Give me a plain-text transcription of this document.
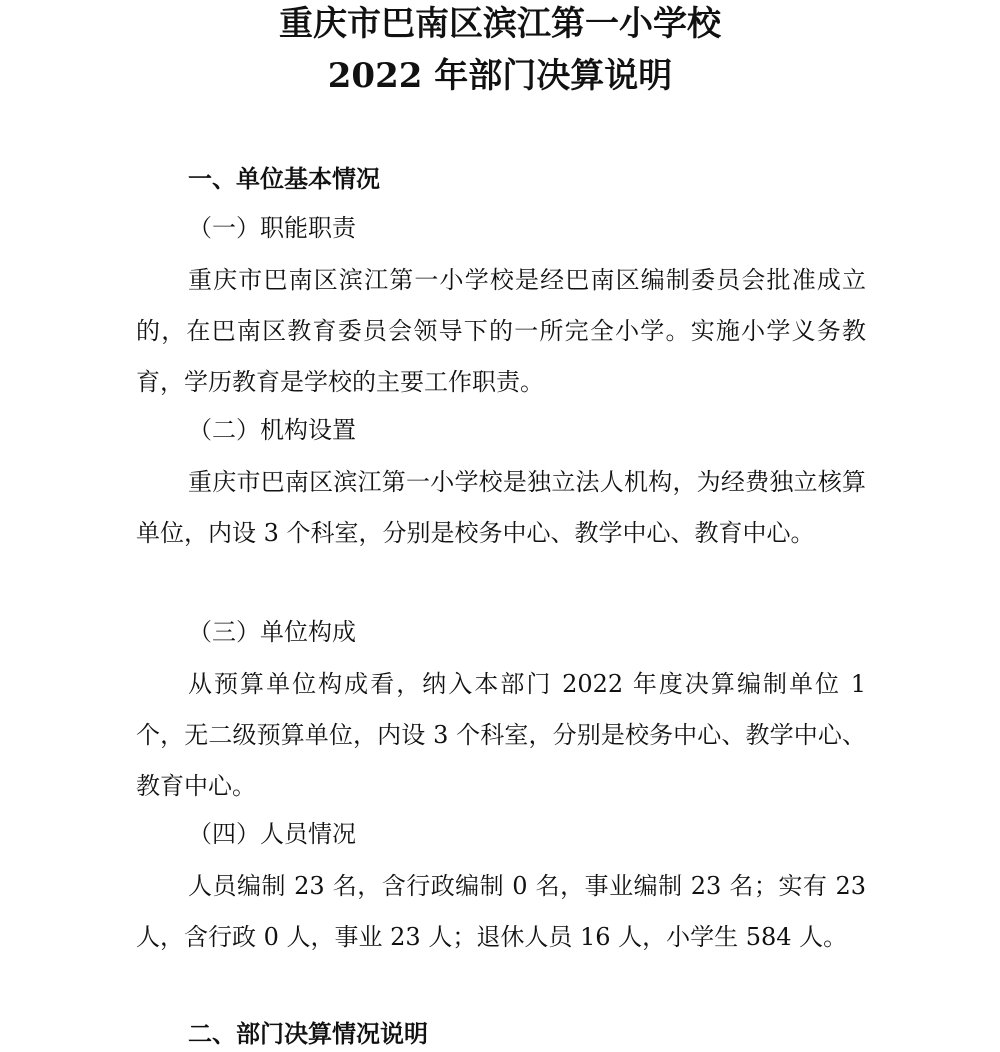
重庆市巴南区滨江第一小学校
2022 年部门决算说明
一、单位基本情况
（一）职能职责

重庆市巴南区滨江第一小学校是经巴南区编制委员会批准成立的，在巴南区教育委员会领导下的一所完全小学。实施小学义务教育，学历教育是学校的主要工作职责。

（二）机构设置

重庆市巴南区滨江第一小学校是独立法人机构，为经费独立核算单位，内设 3 个科室，分别是校务中心、教学中心、教育中心。

（三）单位构成

从预算单位构成看，纳入本部门 2022 年度决算编制单位 1 个，无二级预算单位，内设 3 个科室，分别是校务中心、教学中心、教育中心。

（四）人员情况

人员编制 23 名，含行政编制 0 名，事业编制 23 名；实有 23 人，含行政 0 人，事业 23 人；退休人员 16 人，小学生 584 人。

二、部门决算情况说明
